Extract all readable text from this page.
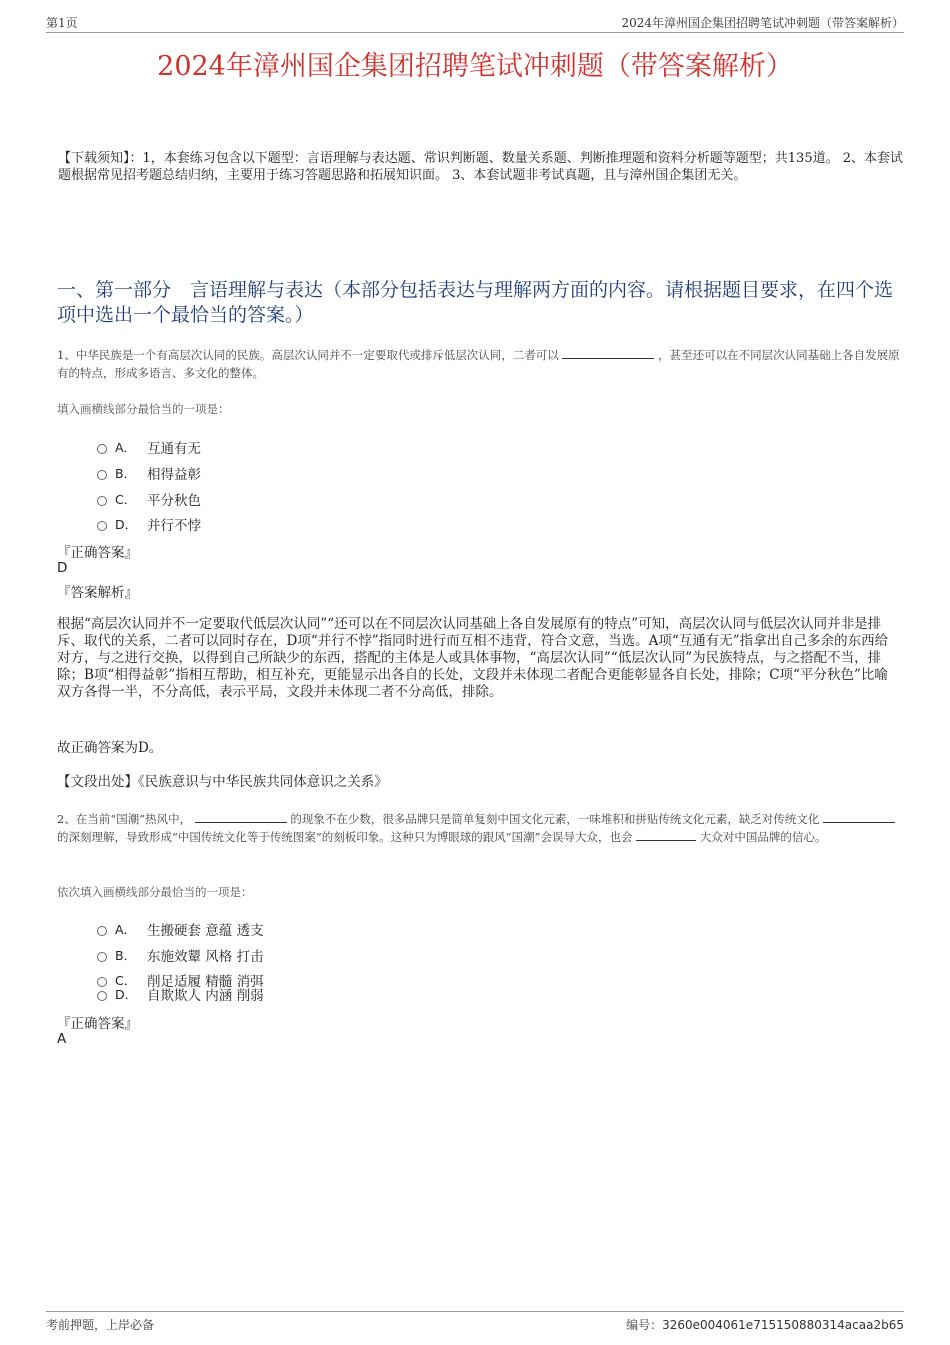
第1页	2024年漳州国企集团招聘笔试冲刺题（带答案解析）
2024年漳州国企集团招聘笔试冲刺题（带答案解析）
【下载须知】：1，本套练习包含以下题型：言语理解与表达题、常识判断题、数量关系题、判断推理题和资料分析题等题型；共135道。 2、本套试题根据常见招考题总结归纳，主要用于练习答题思路和拓展知识面。 3、本套试题非考试真题，且与漳州国企集团无关。
一、第一部分　言语理解与表达（本部分包括表达与理解两方面的内容。请根据题目要求，在四个选项中选出一个最恰当的答案。）
1、中华民族是一个有高层次认同的民族。高层次认同并不一定要取代或排斥低层次认同，二者可以	，甚至还可以在不同层次认同基础上各自发展原有的特点，形成多语言、多文化的整体。
填入画横线部分最恰当的一项是：
A． 互通有无
B． 相得益彰
C． 平分秋色
D． 并行不悖
『正确答案』
D
『答案解析』
根据“高层次认同并不一定要取代低层次认同”“还可以在不同层次认同基础上各自发展原有的特点”可知，高层次认同与低层次认同并非是排斥、取代的关系，二者可以同时存在，D项“并行不悖”指同时进行而互相不违背，符合文意，当选。A项“互通有无”指拿出自己多余的东西给对方，与之进行交换，以得到自己所缺少的东西，搭配的主体是人或具体事物，“高层次认同”“低层次认同”为民族特点，与之搭配不当，排除；B项“相得益彰”指相互帮助，相互补充，更能显示出各自的长处，文段并未体现二者配合更能彰显各自长处，排除；C项“平分秋色”比喻双方各得一半，不分高低，表示平局，文段并未体现二者不分高低，排除。
故正确答案为D。
【文段出处】《民族意识与中华民族共同体意识之关系》
2、在当前“国潮”热风中，	的现象不在少数，很多品牌只是简单复刻中国文化元素，一味堆积和拼贴传统文化元素，缺乏对传统文化  的深刻理解，导致形成“中国传统文化等于传统图案”的刻板印象。这种只为博眼球的跟风“国潮”会误导大众，也会	大众对中国品牌的信心。
依次填入画横线部分最恰当的一项是：
A． 生搬硬套 意蕴 透支
B． 东施效颦 风格 打击
C． 削足适履 精髓 消弭
D． 自欺欺人 内涵 削弱
『正确答案』
A
考前押题，上岸必备	编号：3260e004061e715150880314acaa2b65
